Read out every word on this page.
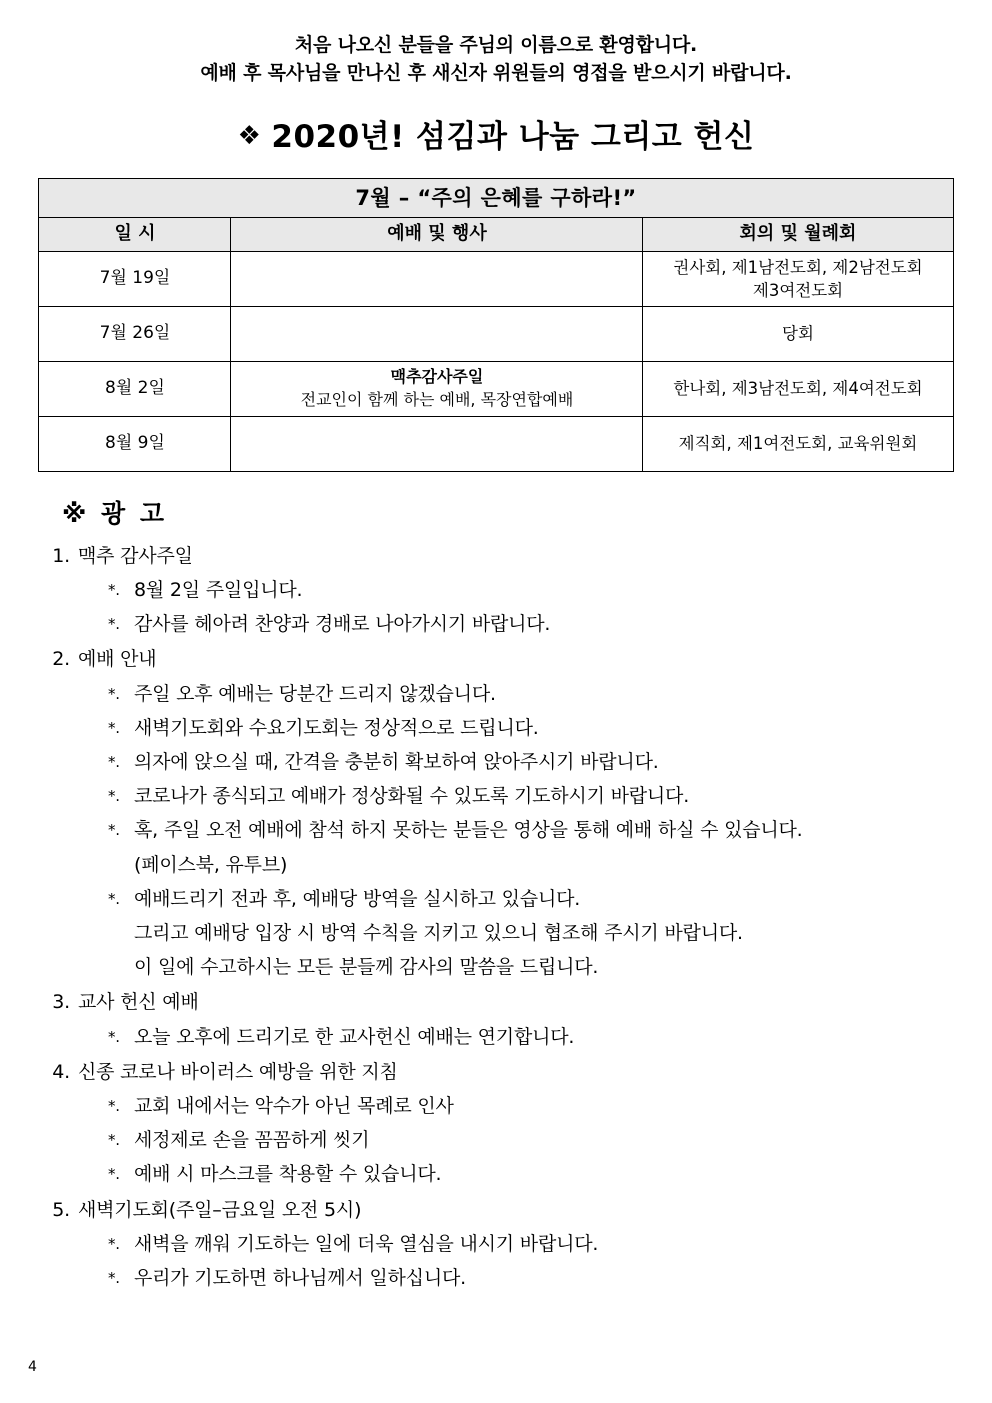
처음 나오신 분들을 주님의 이름으로 환영합니다.
예배 후 목사님을 만나신 후 새신자 위원들의 영접을 받으시기 바랍니다.
❖ 2020년! 섬김과 나눔 그리고 헌신
7월 – “주의 은혜를 구하라!”		
일 시	예배 및 행사	회의 및 월례회
7월 19일		권사회, 제1남전도회, 제2남전도회
제3여전도회

7월 26일		당회

8월 2일	맥추감사주일
전교인이 함께 하는 예배, 목장연합예배	한나회, 제3남전도회, 제4여전도회

8월 9일		제직회, 제1여전도회, 교육위원회
※ 광 고
1. 맥추 감사주일
*. 8월 2일 주일입니다.
*. 감사를 헤아려 찬양과 경배로 나아가시기 바랍니다.
2. 예배 안내
*. 주일 오후 예배는 당분간 드리지 않겠습니다.
*. 새벽기도회와 수요기도회는 정상적으로 드립니다.
*. 의자에 앉으실 때, 간격을 충분히 확보하여 앉아주시기 바랍니다.
*. 코로나가 종식되고 예배가 정상화될 수 있도록 기도하시기 바랍니다.
*. 혹, 주일 오전 예배에 참석 하지 못하는 분들은 영상을 통해 예배 하실 수 있습니다.
(페이스북, 유투브)
*. 예배드리기 전과 후, 예배당 방역을 실시하고 있습니다.
그리고 예배당 입장 시 방역 수칙을 지키고 있으니 협조해 주시기 바랍니다.
이 일에 수고하시는 모든 분들께 감사의 말씀을 드립니다.
3. 교사 헌신 예배
*. 오늘 오후에 드리기로 한 교사헌신 예배는 연기합니다.
4. 신종 코로나 바이러스 예방을 위한 지침
*. 교회 내에서는 악수가 아닌 목례로 인사
*. 세정제로 손을 꼼꼼하게 씻기
*. 예배 시 마스크를 착용할 수 있습니다.
5. 새벽기도회(주일–금요일 오전 5시)
*. 새벽을 깨워 기도하는 일에 더욱 열심을 내시기 바랍니다.
*. 우리가 기도하면 하나님께서 일하십니다.
4
